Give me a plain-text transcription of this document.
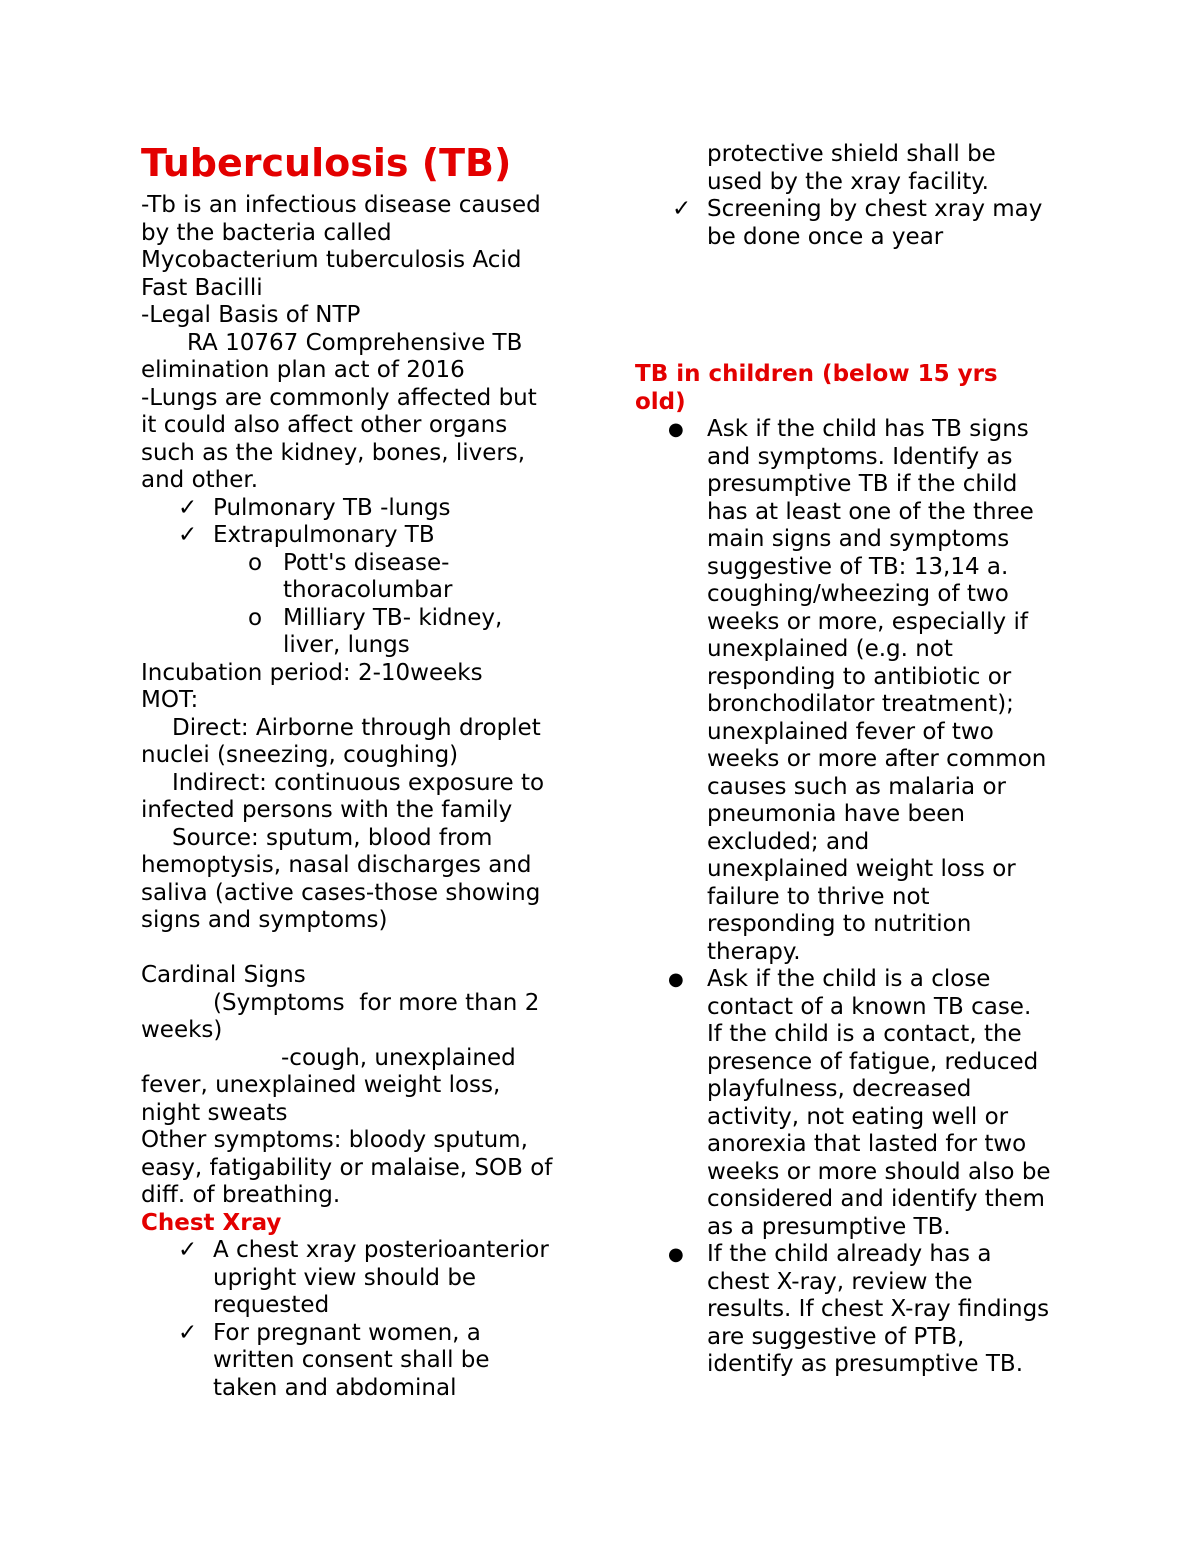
Tuberculosis (TB)
-Tb is an infectious disease caused
by the bacteria called
Mycobacterium tuberculosis Acid
Fast Bacilli
-Legal Basis of NTP
RA 10767 Comprehensive TB
elimination plan act of 2016
-Lungs are commonly affected but
it could also affect other organs
such as the kidney, bones, livers,
and other.
✓ Pulmonary TB -lungs
✓ Extrapulmonary TB
o Pott's disease-
thoracolumbar
o Milliary TB- kidney,
liver, lungs
Incubation period: 2-10weeks
MOT:
Direct: Airborne through droplet
nuclei (sneezing, coughing)
Indirect: continuous exposure to
infected persons with the family
Source: sputum, blood from
hemoptysis, nasal discharges and
saliva (active cases-those showing
signs and symptoms)
Cardinal Signs
(Symptoms  for more than 2
weeks)
-cough, unexplained
fever, unexplained weight loss,
night sweats
Other symptoms: bloody sputum,
easy, fatigability or malaise, SOB of
diff. of breathing.
Chest Xray
✓ A chest xray posterioanterior
upright view should be
requested
✓ For pregnant women, a
written consent shall be
taken and abdominal
protective shield shall be
used by the xray facility.
✓ Screening by chest xray may
be done once a year
TB in children (below 15 yrs
old)
● Ask if the child has TB signs
and symptoms. Identify as
presumptive TB if the child
has at least one of the three
main signs and symptoms
suggestive of TB: 13,14 a.
coughing/wheezing of two
weeks or more, especially if
unexplained (e.g. not
responding to antibiotic or
bronchodilator treatment);
unexplained fever of two
weeks or more after common
causes such as malaria or
pneumonia have been
excluded; and
unexplained weight loss or
failure to thrive not
responding to nutrition
therapy.
● Ask if the child is a close
contact of a known TB case.
If the child is a contact, the
presence of fatigue, reduced
playfulness, decreased
activity, not eating well or
anorexia that lasted for two
weeks or more should also be
considered and identify them
as a presumptive TB.
● If the child already has a
chest X-ray, review the
results. If chest X-ray findings
are suggestive of PTB,
identify as presumptive TB.
